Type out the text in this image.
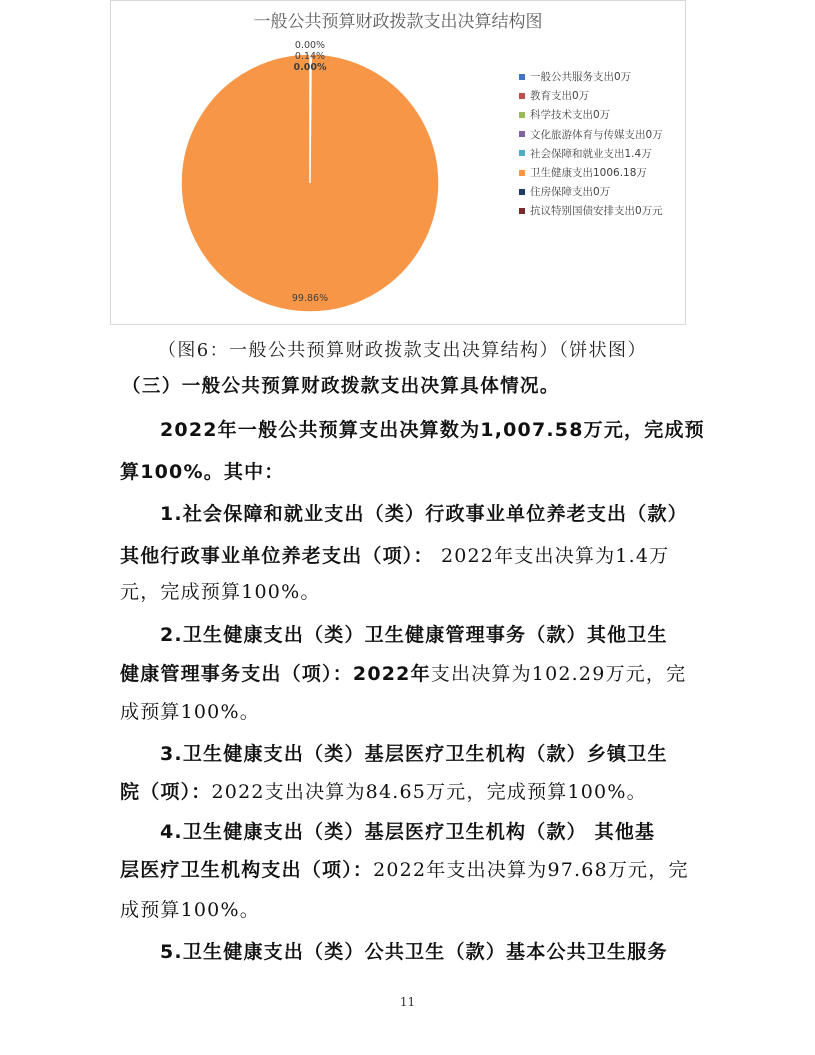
一般公共预算财政拨款支出决算结构图
0.00%
0.14%
0.00%
99.86%
一般公共服务支出0万
教育支出0万
科学技术支出0万
文化旅游体育与传媒支出0万
社会保障和就业支出1.4万
卫生健康支出1006.18万
住房保障支出0万
抗议特别国债安排支出0万元
（图6：一般公共预算财政拨款支出决算结构）（饼状图）
（三）一般公共预算财政拨款支出决算具体情况。
2022年一般公共预算支出决算数为1,007.58万元，完成预
算100%。其中：
1.社会保障和就业支出（类）行政事业单位养老支出（款）
其他行政事业单位养老支出（项）： 2022年支出决算为1.4万
元，完成预算100%。
2.卫生健康支出（类）卫生健康管理事务（款）其他卫生
健康管理事务支出（项）：2022年支出决算为102.29万元，完
成预算100%。
3.卫生健康支出（类）基层医疗卫生机构（款）乡镇卫生
院（项）：2022支出决算为84.65万元，完成预算100%。
4.卫生健康支出（类）基层医疗卫生机构（款） 其他基
层医疗卫生机构支出（项）：2022年支出决算为97.68万元，完
成预算100%。
5.卫生健康支出（类）公共卫生（款）基本公共卫生服务
11
